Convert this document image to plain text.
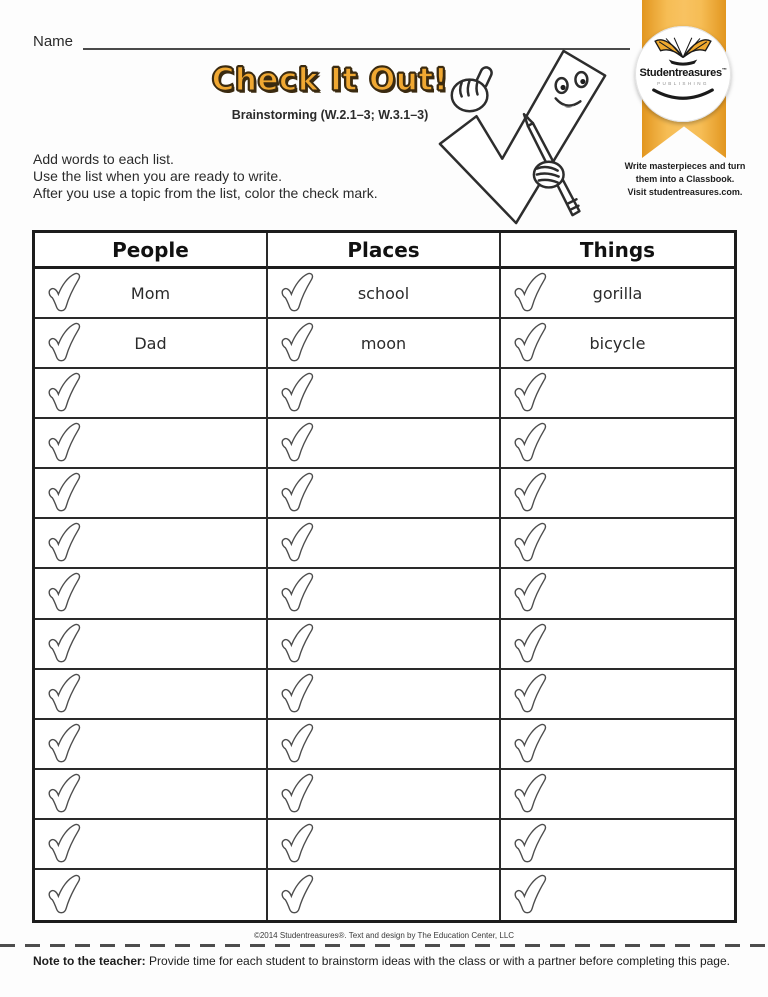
Name
Check It Out!
Brainstorming (W.2.1–3; W.3.1–3)
Add words to each list.
Use the list when you are ready to write.
After you use a topic from the list, color the check mark.
Studentreasures™
PUBLISHING
Write masterpieces and turn
them into a Classbook.
Visit studentreasures.com.
People	Places	Things
Mom	school	gorilla
Dad	moon	bicycle
©2014 Studentreasures®. Text and design by The Education Center, LLC
Note to the teacher: Provide time for each student to brainstorm ideas with the class or with a partner before completing this page.
